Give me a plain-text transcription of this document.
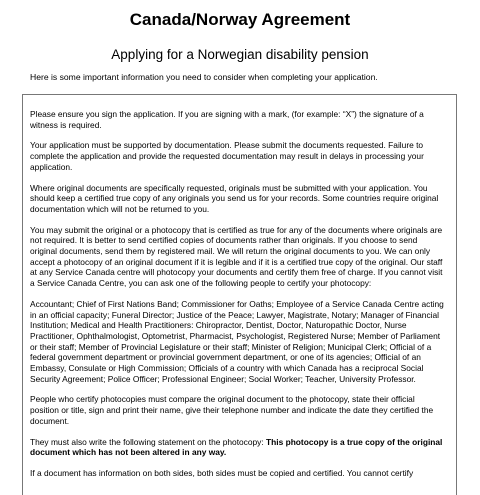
Canada/Norway Agreement
Applying for a Norwegian disability pension
Here is some important information you need to consider when completing your application.

Please ensure you sign the application. If you are signing with a mark, (for example: “X”) the signature of a witness is required.

Your application must be supported by documentation. Please submit the documents requested. Failure to complete the application and provide the requested documentation may result in delays in processing your application.

Where original documents are specifically requested, originals must be submitted with your application. You should keep a certified true copy of any originals you send us for your records. Some countries require original documentation which will not be returned to you.

You may submit the original or a photocopy that is certified as true for any of the documents where originals are not required. It is better to send certified copies of documents rather than originals. If you choose to send original documents, send them by registered mail. We will return the original documents to you. We can only accept a photocopy of an original document if it is legible and if it is a certified true copy of the original. Our staff at any Service Canada centre will photocopy your documents and certify them free of charge. If you cannot visit a Service Canada Centre, you can ask one of the following people to certify your photocopy:

Accountant; Chief of First Nations Band; Commissioner for Oaths; Employee of a Service Canada Centre acting in an official capacity; Funeral Director; Justice of the Peace; Lawyer, Magistrate, Notary; Manager of Financial Institution; Medical and Health Practitioners: Chiropractor, Dentist, Doctor, Naturopathic Doctor, Nurse Practitioner, Ophthalmologist, Optometrist, Pharmacist, Psychologist, Registered Nurse; Member of Parliament or their staff; Member of Provincial Legislature or their staff; Minister of Religion; Municipal Clerk; Official of a federal government department or provincial government department, or one of its agencies; Official of an Embassy, Consulate or High Commission; Officials of a country with which Canada has a reciprocal Social Security Agreement; Police Officer; Professional Engineer; Social Worker; Teacher, University Professor.

People who certify photocopies must compare the original document to the photocopy, state their official position or title, sign and print their name, give their telephone number and indicate the date they certified the document.

They must also write the following statement on the photocopy: This photocopy is a true copy of the original document which has not been altered in any way.

If a document has information on both sides, both sides must be copied and certified. You cannot certify
